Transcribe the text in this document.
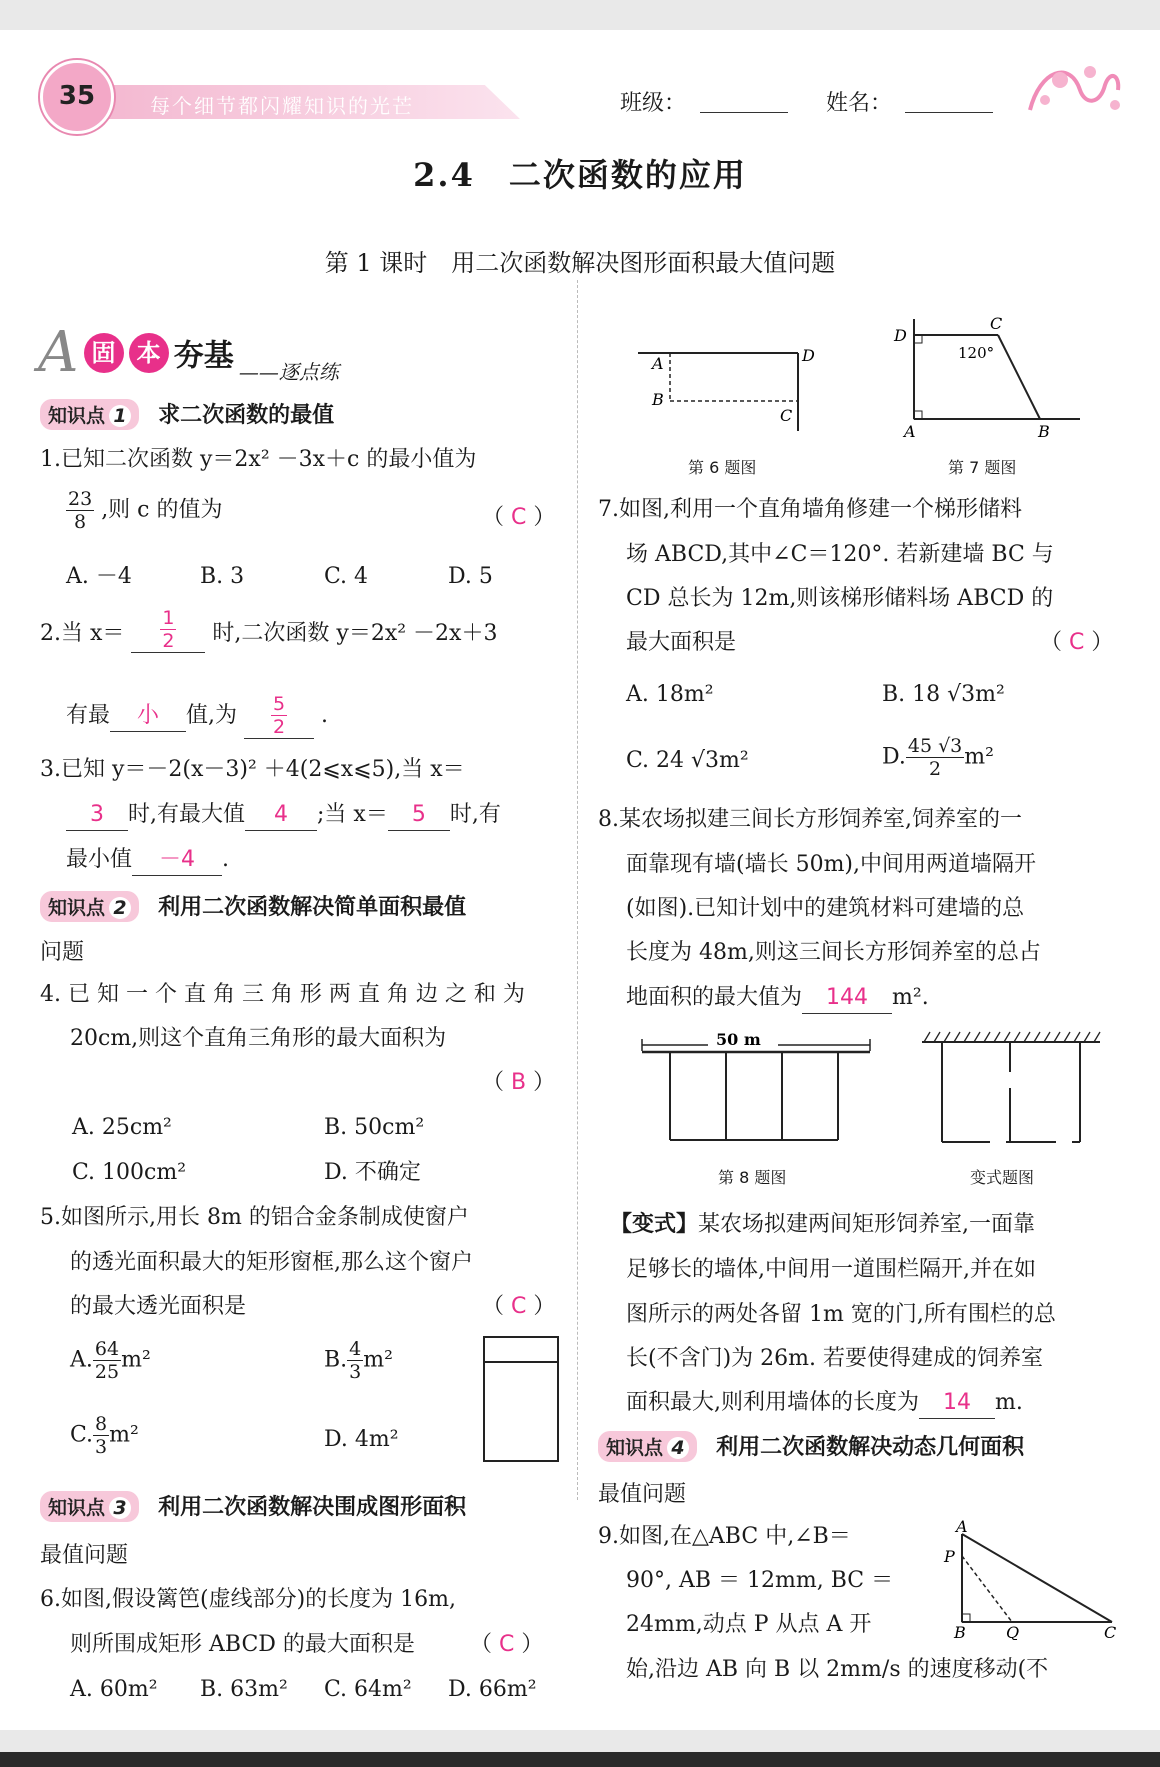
35	每个细节都闪耀知识的光芒	班级：	姓名：
2.4　二次函数的应用
第 1 课时　用二次函数解决图形面积最大值问题
A 固 本 夯基 ——逐点练
知识点 1 求二次函数的最值
1.已知二次函数 y＝2x² －3x＋c 的最小值为
$\frac{23}{8}$ ,则 c 的值为	（ C ）
A. －4	B. 3	C. 4	D. 5
2.当 $x= \frac{1}{2}$ 时,二次函数 y＝2x² －2x＋3
有最 小 值,为 $\frac{5}{2}$ .
3.已知 y＝－2(x－3)² ＋4(2⩽x⩽5),当 x＝
3 时,有最大值 4 ;当 x＝ 5 时,有
最小值 －4 .
知识点 2 利用二次函数解决简单面积最值
问题
4. 已 知 一 个 直 角 三 角 形 两 直 角 边 之 和 为
20cm,则这个直角三角形的最大面积为
（ B ）
A. 25cm²	B. 50cm²
C. 100cm²	D. 不确定
5.如图所示,用长 8m 的铝合金条制成使窗户
的透光面积最大的矩形窗框,那么这个窗户
的最大透光面积是	（ C ）
A. $\frac{64}{25} m^2$	B. $\frac{4}{3} m^2$
C. $\frac{8}{3} m^2$	D. 4m²
知识点 3 利用二次函数解决围成图形面积
最值问题
6.如图,假设篱笆(虚线部分)的长度为 16m,
则所围成矩形 ABCD 的最大面积是	（ C ）
A. 60m² B. 63m² C. 64m² D. 66m²
A
B
C
D
第 6 题图
D
C
A	B
120°
第 7 题图
7.如图,利用一个直角墙角修建一个梯形储料
场 ABCD,其中∠C＝120°. 若新建墙 BC 与
CD 总长为 12m,则该梯形储料场 ABCD 的
最大面积是	（ C ）
A. 18m²	B. 18 √3m²
C. 24 √3m²	D. $\frac{45 √3}{2} m^2$
8.某农场拟建三间长方形饲养室,饲养室的一
面靠现有墙(墙长 50m),中间用两道墙隔开
(如图).已知计划中的建筑材料可建墙的总
长度为 48m,则这三间长方形饲养室的总占
地面积的最大值为 144 m².
50 m
第 8 题图	变式题图
【变式】某农场拟建两间矩形饲养室,一面靠
足够长的墙体,中间用一道围栏隔开,并在如
图所示的两处各留 1m 宽的门,所有围栏的总
长(不含门)为 26m. 若要使得建成的饲养室
面积最大,则利用墙体的长度为 14 m.
知识点 4 利用二次函数解决动态几何面积
最值问题
9.如图,在△ABC 中,∠B＝
90°, AB ＝ 12mm, BC ＝
24mm,动点 P 从点 A 开
始,沿边 AB 向 B 以 2mm/s 的速度移动(不
A
P
B	Q	C
